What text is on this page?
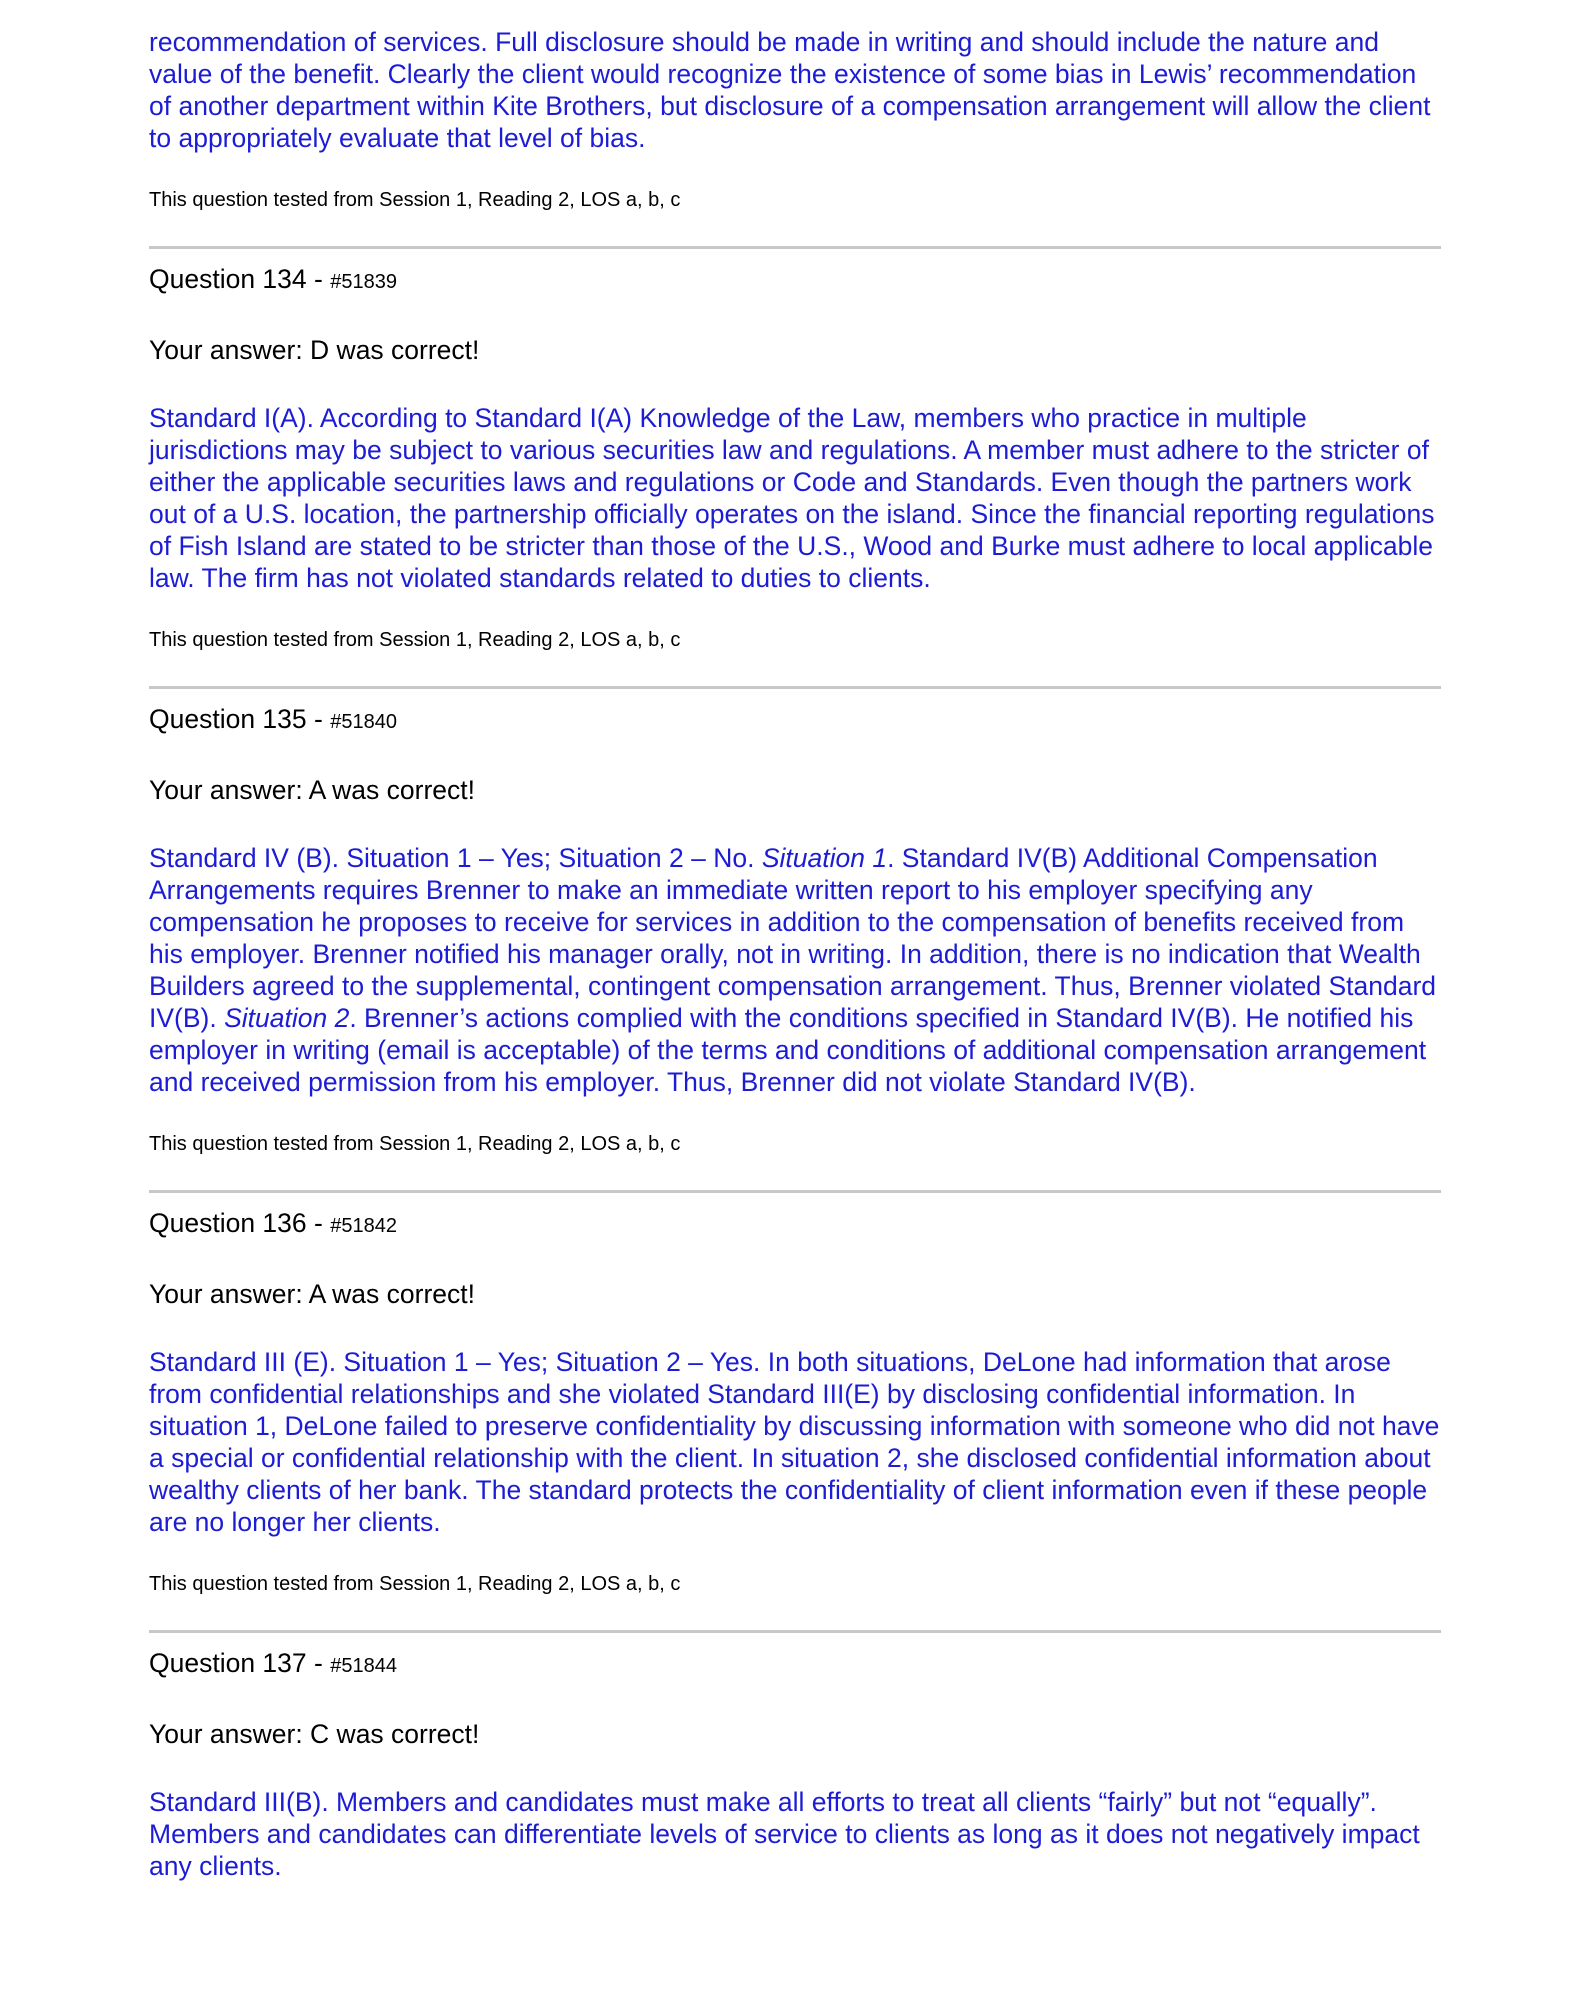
recommendation of services. Full disclosure should be made in writing and should include the nature and value of the benefit. Clearly the client would recognize the existence of some bias in Lewis’ recommendation of another department within Kite Brothers, but disclosure of a compensation arrangement will allow the client to appropriately evaluate that level of bias.

This question tested from Session 1, Reading 2, LOS a, b, c

Question 134 - #51839

Your answer: D was correct!

Standard I(A). According to Standard I(A) Knowledge of the Law, members who practice in multiple jurisdictions may be subject to various securities law and regulations. A member must adhere to the stricter of either the applicable securities laws and regulations or Code and Standards. Even though the partners work out of a U.S. location, the partnership officially operates on the island. Since the financial reporting regulations of Fish Island are stated to be stricter than those of the U.S., Wood and Burke must adhere to local applicable law. The firm has not violated standards related to duties to clients.

This question tested from Session 1, Reading 2, LOS a, b, c

Question 135 - #51840

Your answer: A was correct!

Standard IV (B). Situation 1 – Yes; Situation 2 – No. Situation 1. Standard IV(B) Additional Compensation Arrangements requires Brenner to make an immediate written report to his employer specifying any compensation he proposes to receive for services in addition to the compensation of benefits received from his employer. Brenner notified his manager orally, not in writing. In addition, there is no indication that Wealth Builders agreed to the supplemental, contingent compensation arrangement. Thus, Brenner violated Standard IV(B). Situation 2. Brenner’s actions complied with the conditions specified in Standard IV(B). He notified his employer in writing (email is acceptable) of the terms and conditions of additional compensation arrangement and received permission from his employer. Thus, Brenner did not violate Standard IV(B).

This question tested from Session 1, Reading 2, LOS a, b, c

Question 136 - #51842

Your answer: A was correct!

Standard III (E). Situation 1 – Yes; Situation 2 – Yes. In both situations, DeLone had information that arose from confidential relationships and she violated Standard III(E) by disclosing confidential information. In situation 1, DeLone failed to preserve confidentiality by discussing information with someone who did not have a special or confidential relationship with the client. In situation 2, she disclosed confidential information about wealthy clients of her bank. The standard protects the confidentiality of client information even if these people are no longer her clients.

This question tested from Session 1, Reading 2, LOS a, b, c

Question 137 - #51844

Your answer: C was correct!

Standard III(B). Members and candidates must make all efforts to treat all clients “fairly” but not “equally”. Members and candidates can differentiate levels of service to clients as long as it does not negatively impact any clients.
